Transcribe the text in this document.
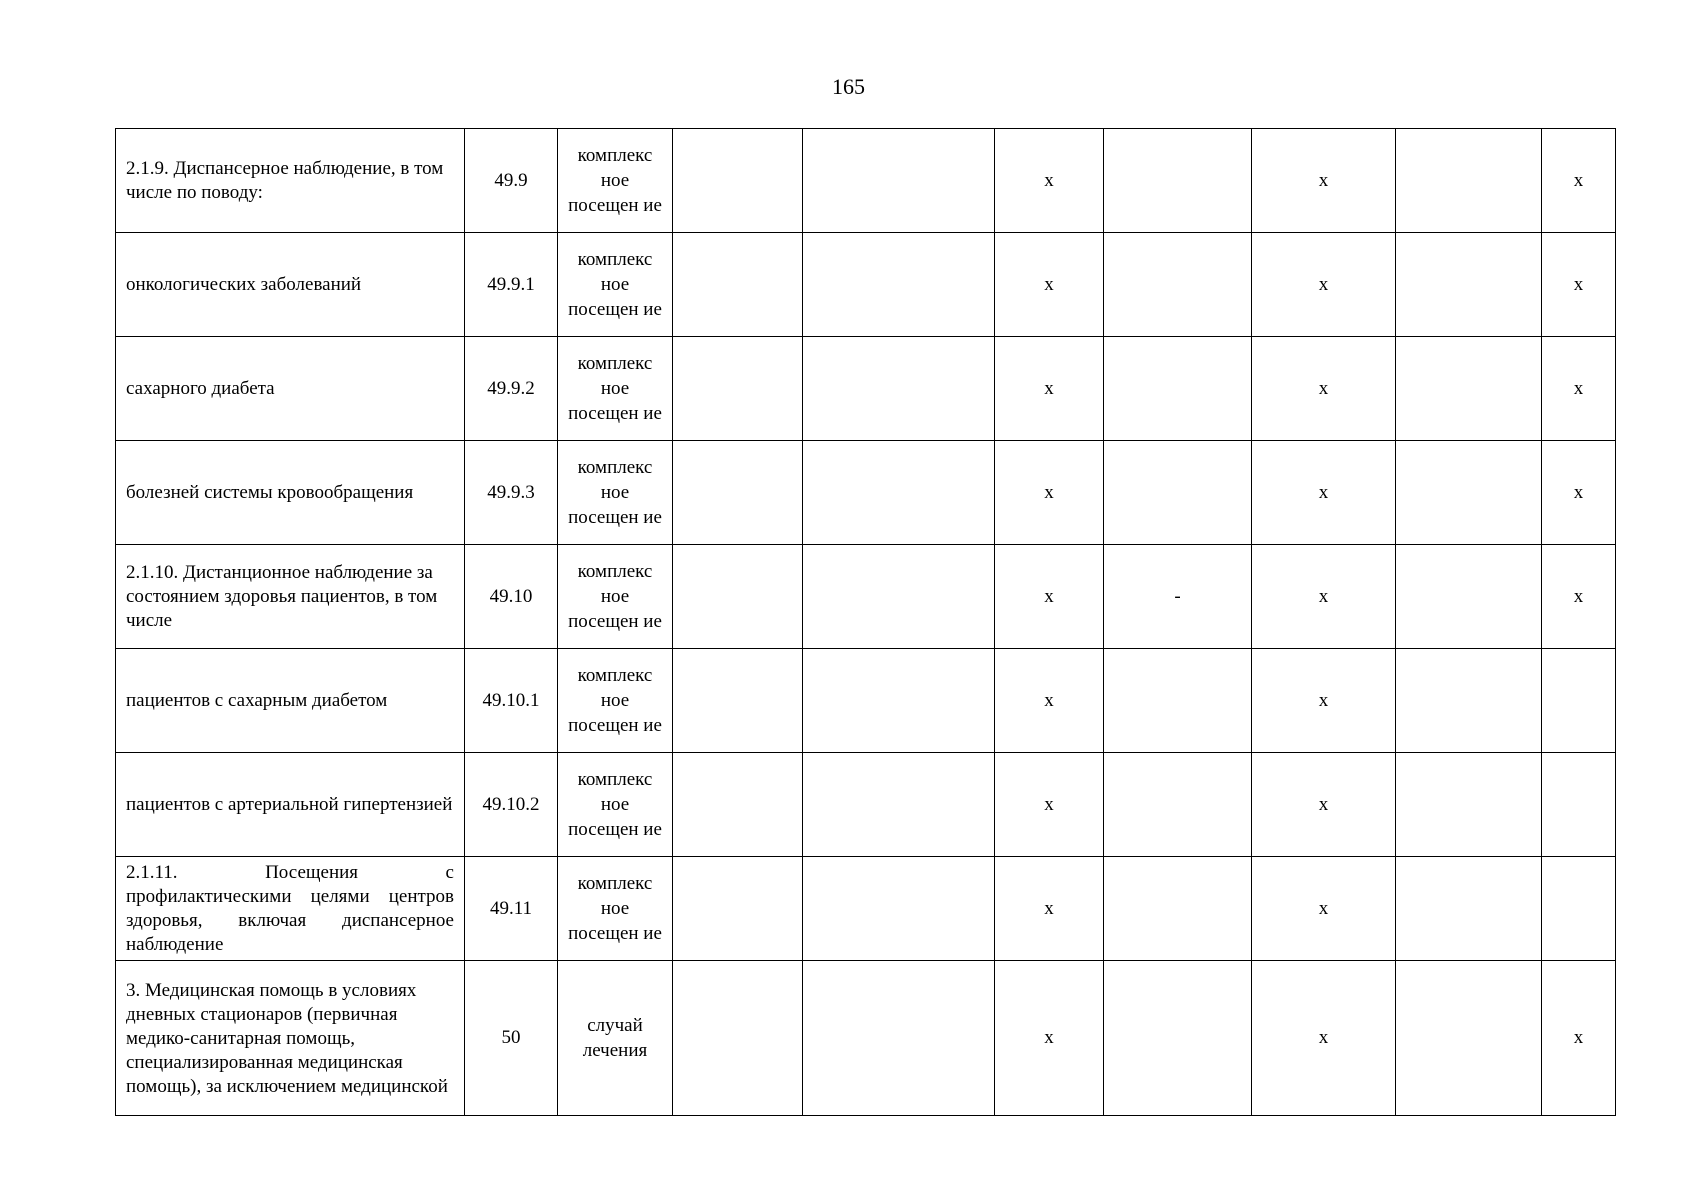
165
2.1.9. Диспансерное наблюдение, в том числе по поводу:	49.9	комплекс ное посещен ие			х		х		х
онкологических заболеваний	49.9.1	комплекс ное посещен ие			х		х		х
сахарного диабета	49.9.2	комплекс ное посещен ие			х		х		х
болезней системы кровообращения	49.9.3	комплекс ное посещен ие			х		х		х
2.1.10. Дистанционное наблюдение за состоянием здоровья пациентов, в том числе	49.10	комплекс ное посещен ие			х	-	х		х
пациентов с сахарным диабетом	49.10.1	комплекс ное посещен ие			х		х		
пациентов с артериальной гипертензией	49.10.2	комплекс ное посещен ие			х		х		
2.1.11. Посещения с профилактическими целями центров здоровья, включая диспансерное наблюдение	49.11	комплекс ное посещен ие			х		х		
3. Медицинская помощь в условиях дневных стационаров (первичная медико-санитарная помощь, специализированная медицинская помощь), за исключением медицинской	50	случай лечения			х		х		х
